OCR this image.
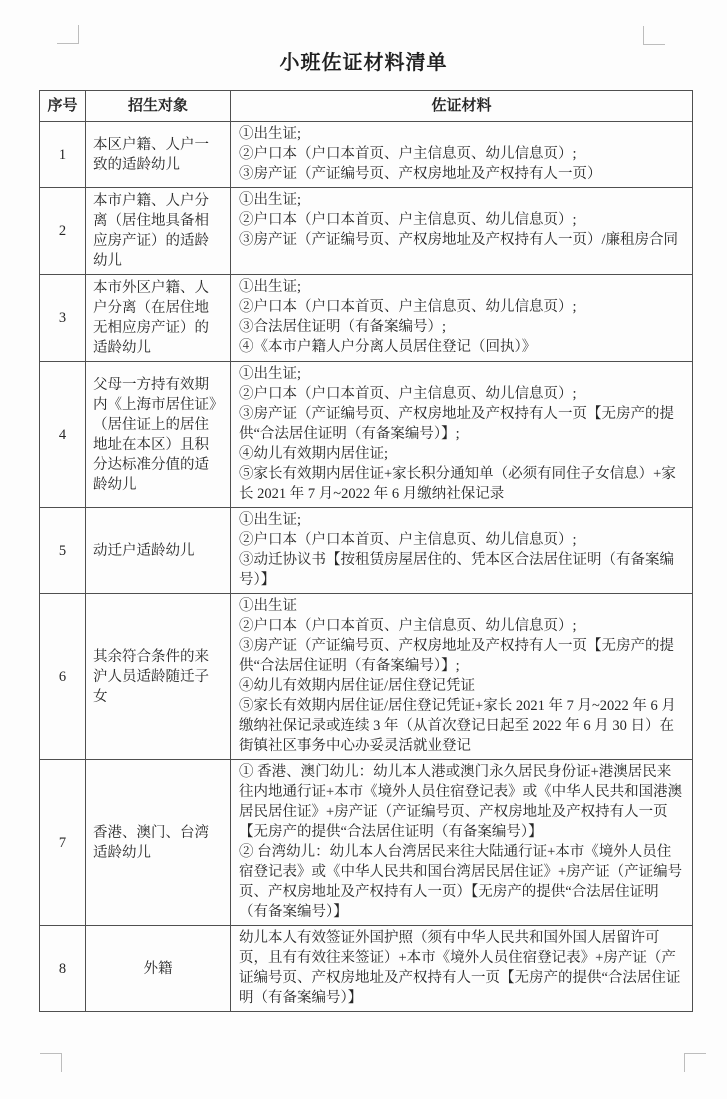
小班佐证材料清单
序号	招生对象	佐证材料
1	本区户籍、人户一致的适龄幼儿	①出生证;
②户口本（户口本首页、户主信息页、幼儿信息页）;
③房产证（产证编号页、产权房地址及产权持有人一页）

2	本市户籍、人户分离（居住地具备相应房产证）的适龄幼儿	①出生证;
②户口本（户口本首页、户主信息页、幼儿信息页）;
③房产证（产证编号页、产权房地址及产权持有人一页）/廉租房合同

3	本市外区户籍、人户分离（在居住地无相应房产证）的适龄幼儿	①出生证;
②户口本（户口本首页、户主信息页、幼儿信息页）;
③合法居住证明（有备案编号）;
④《本市户籍人户分离人员居住登记（回执）》

4	父母一方持有效期内《上海市居住证》（居住证上的居住地址在本区）且积分达标准分值的适龄幼儿	①出生证;
②户口本（户口本首页、户主信息页、幼儿信息页）;
③房产证（产证编号页、产权房地址及产权持有人一页【无房产的提供“合法居住证明（有备案编号）】;
④幼儿有效期内居住证;
⑤家长有效期内居住证+家长积分通知单（必须有同住子女信息）+家长 2021 年 7 月~2022 年 6 月缴纳社保记录

5	动迁户适龄幼儿	①出生证;
②户口本（户口本首页、户主信息页、幼儿信息页）;
③动迁协议书【按租赁房屋居住的、凭本区合法居住证明（有备案编号）】

6	其余符合条件的来沪人员适龄随迁子女	①出生证
②户口本（户口本首页、户主信息页、幼儿信息页）;
③房产证（产证编号页、产权房地址及产权持有人一页【无房产的提供“合法居住证明（有备案编号）】;
④幼儿有效期内居住证/居住登记凭证
⑤家长有效期内居住证/居住登记凭证+家长 2021 年 7 月~2022 年 6 月缴纳社保记录或连续 3 年（从首次登记日起至 2022 年 6 月 30 日）在街镇社区事务中心办妥灵活就业登记

7	香港、澳门、台湾适龄幼儿	① 香港、澳门幼儿：幼儿本人港或澳门永久居民身份证+港澳居民来往内地通行证+本市《境外人员住宿登记表》或《中华人民共和国港澳居民居住证》+房产证（产证编号页、产权房地址及产权持有人一页【无房产的提供“合法居住证明（有备案编号）】
② 台湾幼儿：幼儿本人台湾居民来往大陆通行证+本市《境外人员住宿登记表》或《中华人民共和国台湾居民居住证》+房产证（产证编号页、产权房地址及产权持有人一页）【无房产的提供“合法居住证明（有备案编号）】

8	外籍	幼儿本人有效签证外国护照（须有中华人民共和国外国人居留许可页，且有有效往来签证）+本市《境外人员住宿登记表》+房产证（产证编号页、产权房地址及产权持有人一页【无房产的提供“合法居住证明（有备案编号）】
